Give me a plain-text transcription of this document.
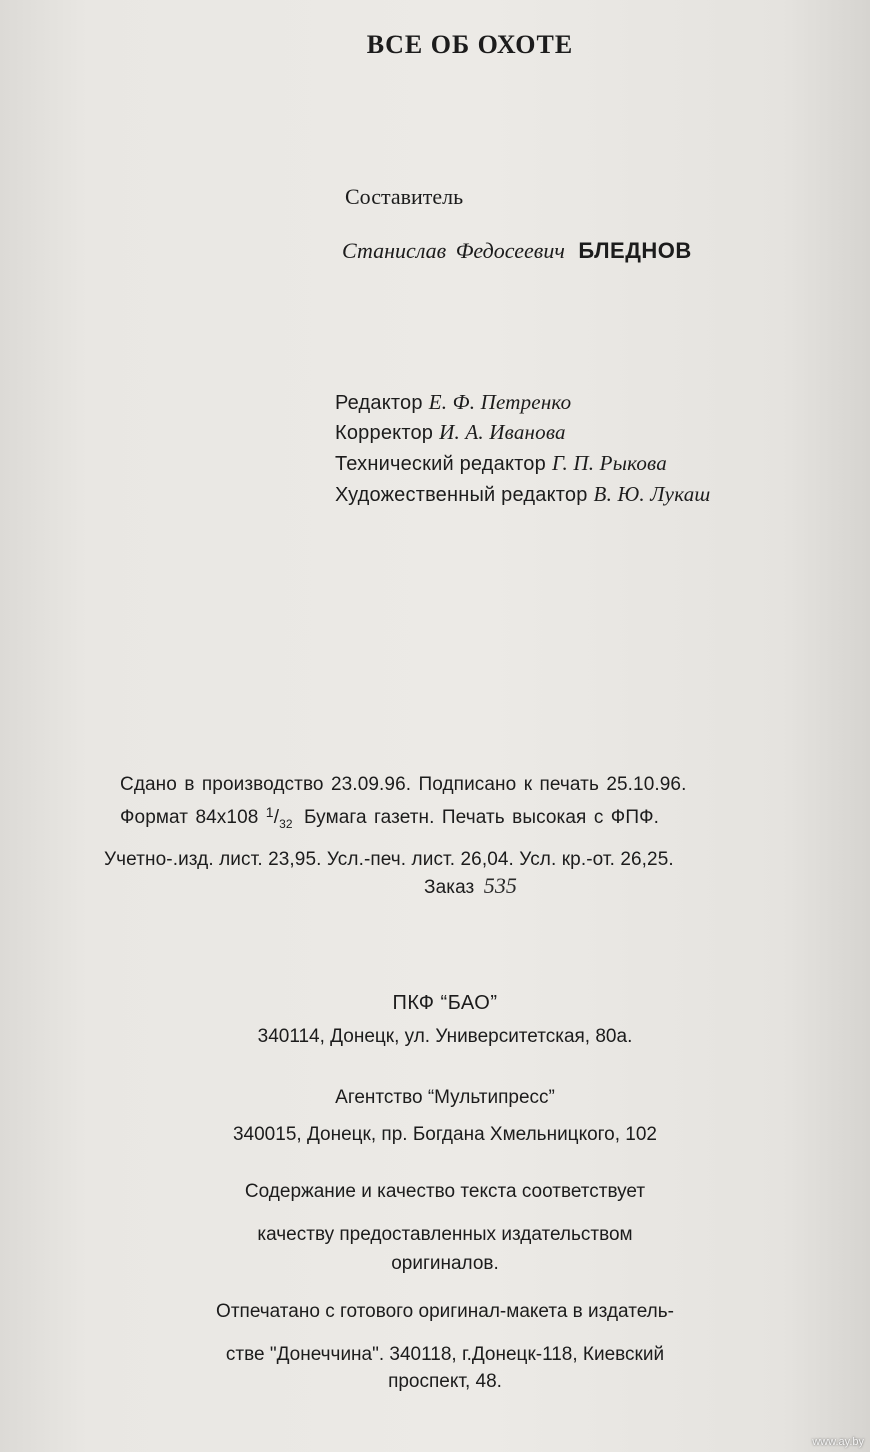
ВСЕ ОБ ОХОТЕ
Составитель
Станислав Федосеевич БЛЕДНОВ
Редактор Е. Ф. Петренко
Корректор И. А. Иванова
Технический редактор Г. П. Рыкова
Художественный редактор В. Ю. Лукаш
Сдано в производство 23.09.96. Подписано к печать 25.10.96.
Формат 84х108 $^1/_{32}$ Бумага газетн. Печать высокая с ФПФ.
Учетно-.изд. лист. 23,95. Усл.-печ. лист. 26,04. Усл. кр.-от. 26,25.
Заказ 535
ПКФ “БАО”
340114, Донецк, ул. Университетская, 80а.
Агентство “Мультипресс”
340015, Донецк, пр. Богдана Хмельницкого, 102
Содержание и качество текста соответствует
качеству предоставленных издательством
оригиналов.
Отпечатано с готового оригинал-макета в издатель-
стве "Донеччина". 340118, г.Донецк-118, Киевский
проспект, 48.
www.ay.by
